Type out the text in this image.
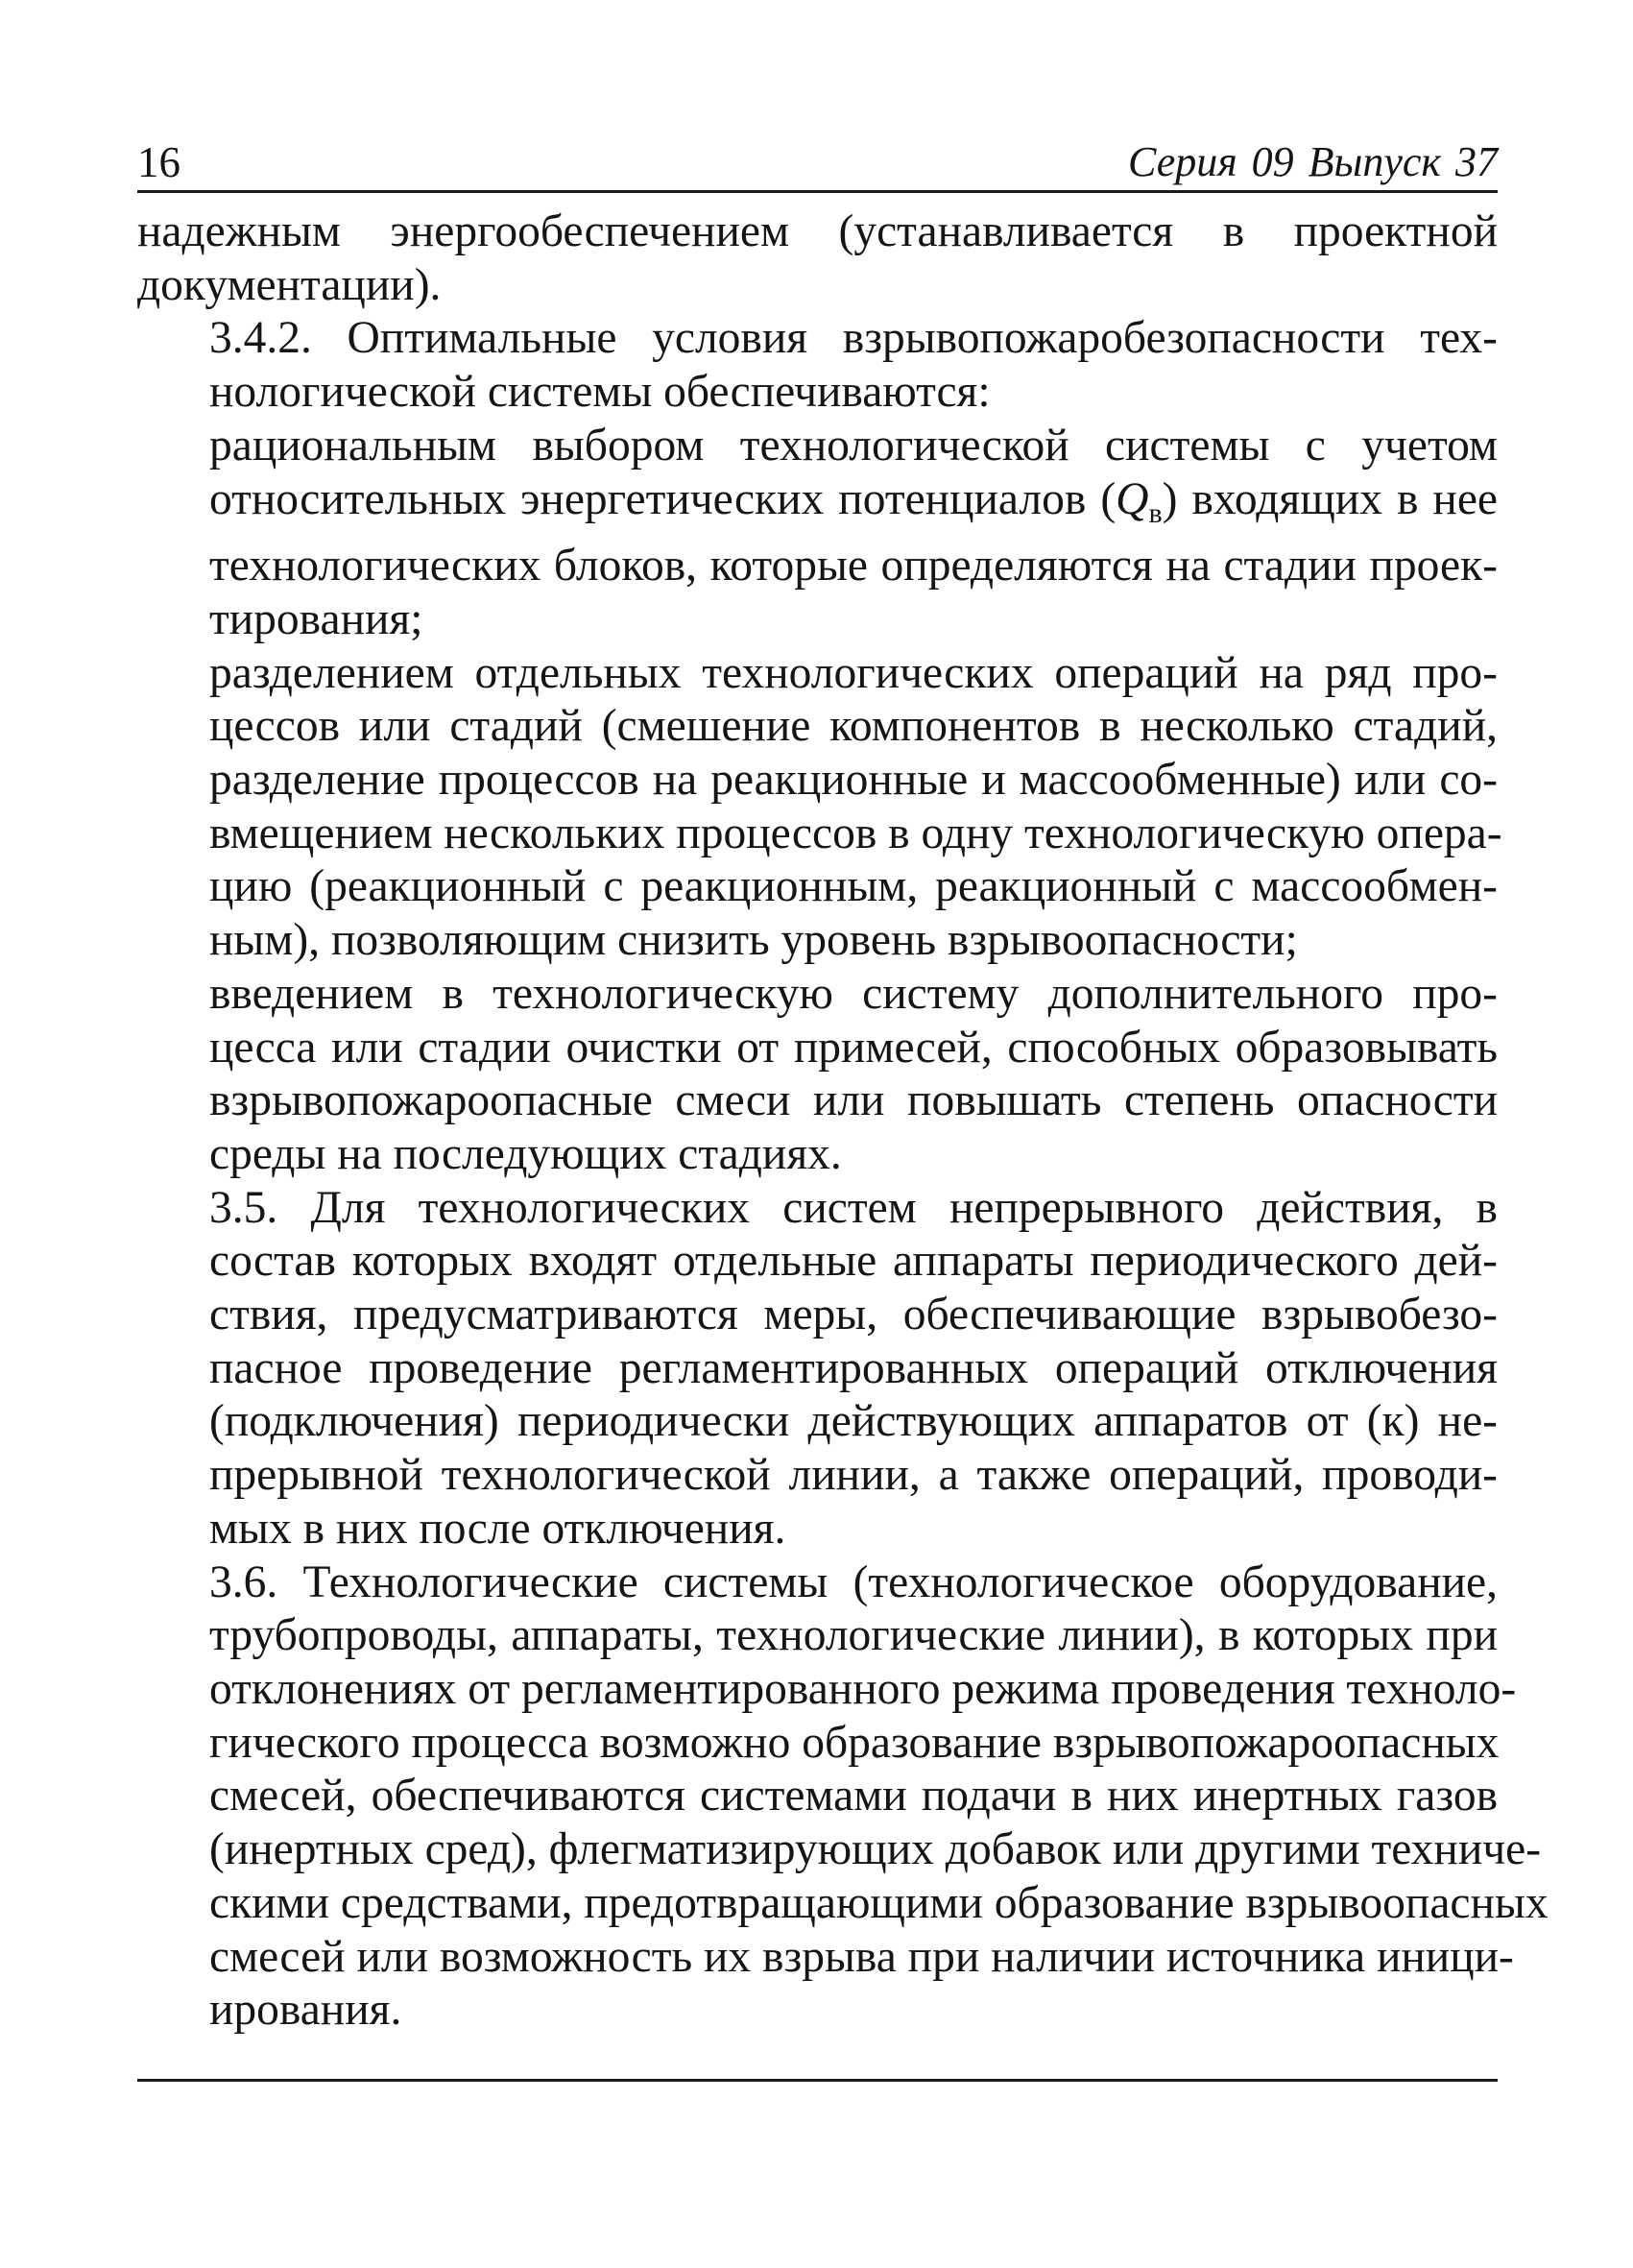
16	Серия 09 Выпуск 37

надежным энергообеспечением (устанавливается в проектной
документации).

3.4.2. Оптимальные условия взрывопожаробезопасности тех-
нологической системы обеспечиваются:

рациональным выбором технологической системы с учетом
относительных энергетических потенциалов (Qв) входящих в нее
технологических блоков, которые определяются на стадии проек-
тирования;

разделением отдельных технологических операций на ряд про-
цессов или стадий (смешение компонентов в несколько стадий,
разделение процессов на реакционные и массообменные) или со-
вмещением нескольких процессов в одну технологическую опера-
цию (реакционный с реакционным, реакционный с массообмен-
ным), позволяющим снизить уровень взрывоопасности;

введением в технологическую систему дополнительного про-
цесса или стадии очистки от примесей, способных образовывать
взрывопожароопасные смеси или повышать степень опасности
среды на последующих стадиях.

3.5. Для технологических систем непрерывного действия, в
состав которых входят отдельные аппараты периодического дей-
ствия, предусматриваются меры, обеспечивающие взрывобезо-
пасное проведение регламентированных операций отключения
(подключения) периодически действующих аппаратов от (к) не-
прерывной технологической линии, а также операций, проводи-
мых в них после отключения.

3.6. Технологические системы (технологическое оборудование,
трубопроводы, аппараты, технологические линии), в которых при
отклонениях от регламентированного режима проведения техноло-
гического процесса возможно образование взрывопожароопасных
смесей, обеспечиваются системами подачи в них инертных газов
(инертных сред), флегматизирующих добавок или другими техниче-
скими средствами, предотвращающими образование взрывоопасных
смесей или возможность их взрыва при наличии источника иници-
ирования.
